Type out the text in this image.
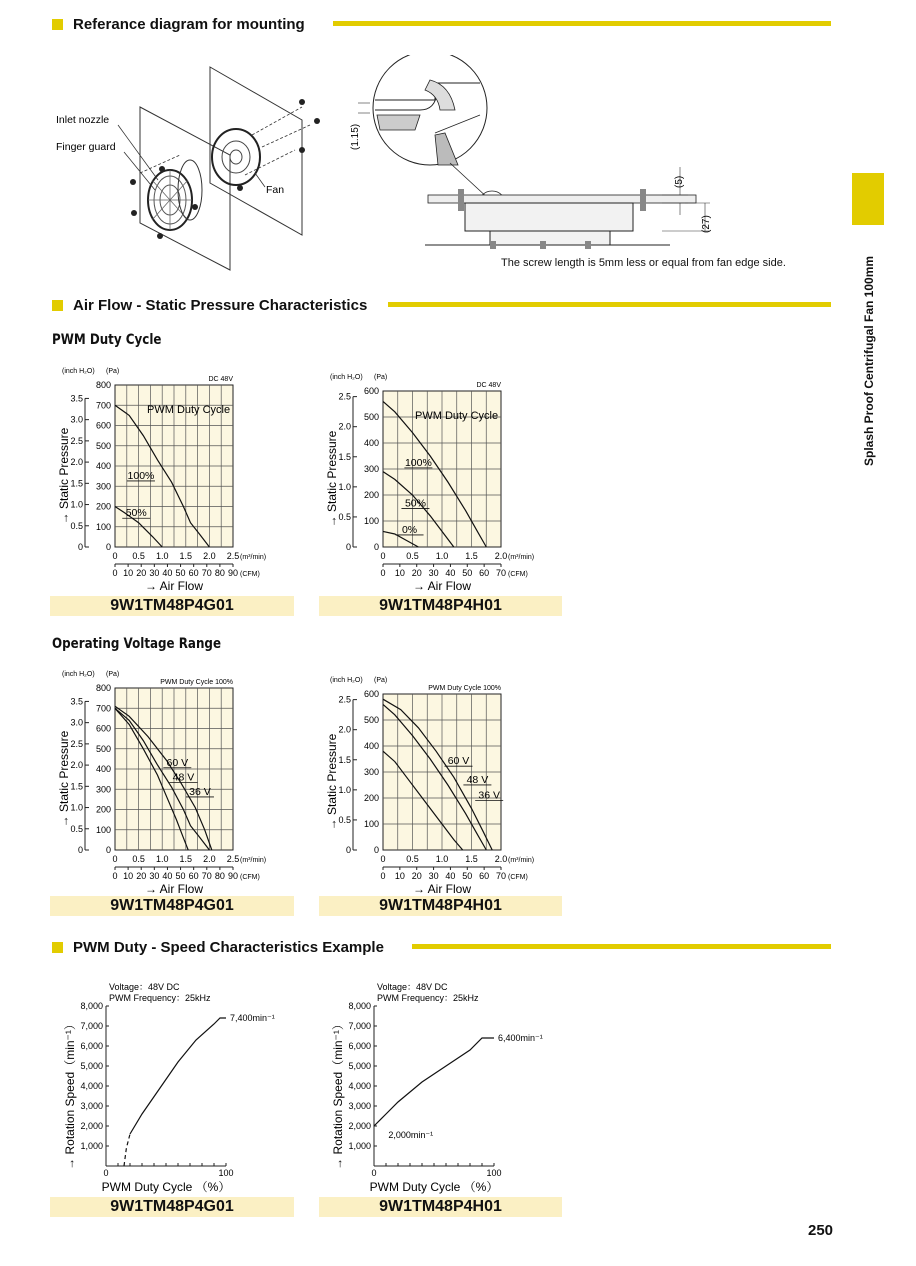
Referance diagram for mounting
Inlet nozzle
Finger guard
Fan
(1.15)
(5)
(27)
The screw length is 5mm less or equal from fan edge side.	Splash Proof Centrifugal Fan 100mm
Air Flow - Static Pressure Characteristics
PWM Duty Cycle
0 0.5 1.0 1.5 2.0 2.5
0
100
200
300
400
500
600
700
800
0
0.5
1.0
1.5
2.0
2.5
3.0
3.5
(inch H₂O) (Pa)
(m³/min)
0 10 20 30 40 50 60 70 80 90 (CFM)
→ Air Flow
→ Static Pressure
DC 48V
PWM Duty Cycle
100%
50%
0 0.5 1.0 1.5 2.0
0
100
200
300
400
500
600
0
0.5
1.0
1.5
2.0
2.5
(inch H₂O) (Pa)
(m³/min)
0 10 20 30 40 50 60 70 (CFM)
→ Air Flow
→ Static Pressure
DC 48V
PWM Duty Cycle
100%
50%
0%
9W1TM48P4G01	9W1TM48P4H01
Operating Voltage Range
0 0.5 1.0 1.5 2.0 2.5
0
100
200
300
400
500
600
700
800
0
0.5
1.0
1.5
2.0
2.5
3.0
3.5
(inch H₂O) (Pa)
(m³/min)
0 10 20 30 40 50 60 70 80 90 (CFM)
→ Air Flow
→ Static Pressure
PWM Duty Cycle 100%
60 V
48 V
36 V
0 0.5 1.0 1.5 2.0
0
100
200
300
400
500
600
0
0.5
1.0
1.5
2.0
2.5
(inch H₂O) (Pa)
(m³/min)
0 10 20 30 40 50 60 70 (CFM)
→ Air Flow
→ Static Pressure
PWM Duty Cycle 100%
60 V
48 V
36 V
9W1TM48P4G01	9W1TM48P4H01
PWM Duty - Speed Characteristics Example
1,000
2,000
3,000
4,000
5,000
6,000
7,000
8,000
0	100
PWM Duty Cycle （%）
→ Rotation Speed（min⁻¹）
Voltage：48V DC
PWM Frequency：25kHz
7,400min⁻¹
1,000
2,000
3,000
4,000
5,000
6,000
7,000
8,000
0	100
PWM Duty Cycle （%）
→ Rotation Speed（min⁻¹）
Voltage：48V DC
PWM Frequency：25kHz
6,400min⁻¹
2,000min⁻¹
9W1TM48P4G01	9W1TM48P4H01
250
